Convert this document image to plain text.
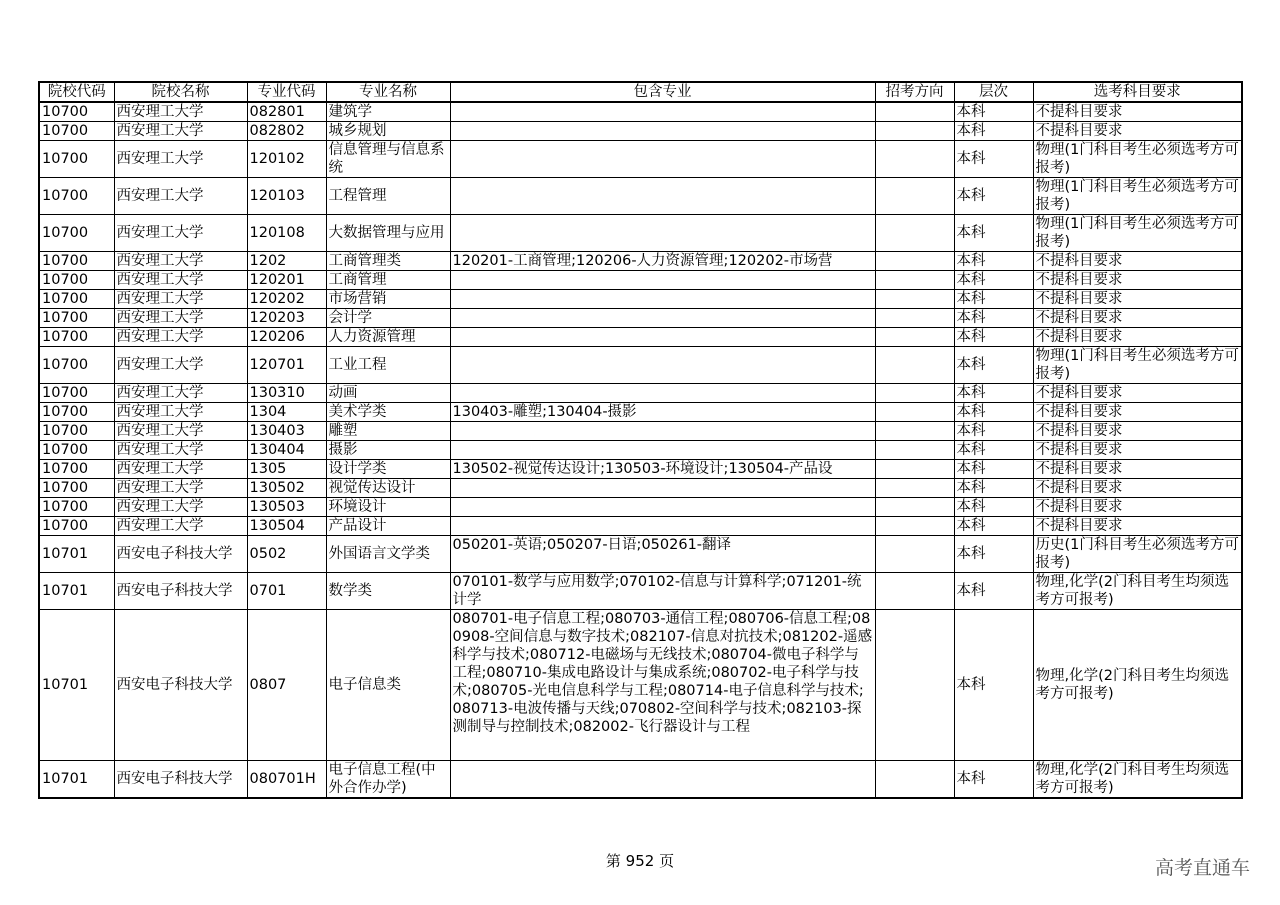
院校代码	院校名称	专业代码	专业名称	包含专业	招考方向	层次	选考科目要求
10700	西安理工大学	082801	建筑学			本科	不提科目要求
10700	西安理工大学	082802	城乡规划			本科	不提科目要求
10700	西安理工大学	120102	信息管理与信息系统			本科	物理(1门科目考生必须选考方可报考)
10700	西安理工大学	120103	工程管理			本科	物理(1门科目考生必须选考方可报考)
10700	西安理工大学	120108	大数据管理与应用			本科	物理(1门科目考生必须选考方可报考)
10700	西安理工大学	1202	工商管理类	120201-工商管理;120206-人力资源管理;120202-市场营		本科	不提科目要求
10700	西安理工大学	120201	工商管理			本科	不提科目要求
10700	西安理工大学	120202	市场营销			本科	不提科目要求
10700	西安理工大学	120203	会计学			本科	不提科目要求
10700	西安理工大学	120206	人力资源管理			本科	不提科目要求
10700	西安理工大学	120701	工业工程			本科	物理(1门科目考生必须选考方可报考)
10700	西安理工大学	130310	动画			本科	不提科目要求
10700	西安理工大学	1304	美术学类	130403-雕塑;130404-摄影		本科	不提科目要求
10700	西安理工大学	130403	雕塑			本科	不提科目要求
10700	西安理工大学	130404	摄影			本科	不提科目要求
10700	西安理工大学	1305	设计学类	130502-视觉传达设计;130503-环境设计;130504-产品设		本科	不提科目要求
10700	西安理工大学	130502	视觉传达设计			本科	不提科目要求
10700	西安理工大学	130503	环境设计			本科	不提科目要求
10700	西安理工大学	130504	产品设计			本科	不提科目要求
10701	西安电子科技大学	0502	外国语言文学类	050201-英语;050207-日语;050261-翻译		本科	历史(1门科目考生必须选考方可报考)
10701	西安电子科技大学	0701	数学类	070101-数学与应用数学;070102-信息与计算科学;071201-统计学		本科	物理,化学(2门科目考生均须选考方可报考)
10701	西安电子科技大学	0807	电子信息类	080701-电子信息工程;080703-通信工程;080706-信息工程;080908-空间信息与数字技术;082107-信息对抗技术;081202-遥感科学与技术;080712-电磁场与无线技术;080704-微电子科学与工程;080710-集成电路设计与集成系统;080702-电子科学与技术;080705-光电信息科学与工程;080714-电子信息科学与技术;080713-电波传播与天线;070802-空间科学与技术;082103-探测制导与控制技术;082002-飞行器设计与工程		本科	物理,化学(2门科目考生均须选考方可报考)
10701	西安电子科技大学	080701H	电子信息工程(中外合作办学)			本科	物理,化学(2门科目考生均须选考方可报考)
第 952 页	高考直通车
